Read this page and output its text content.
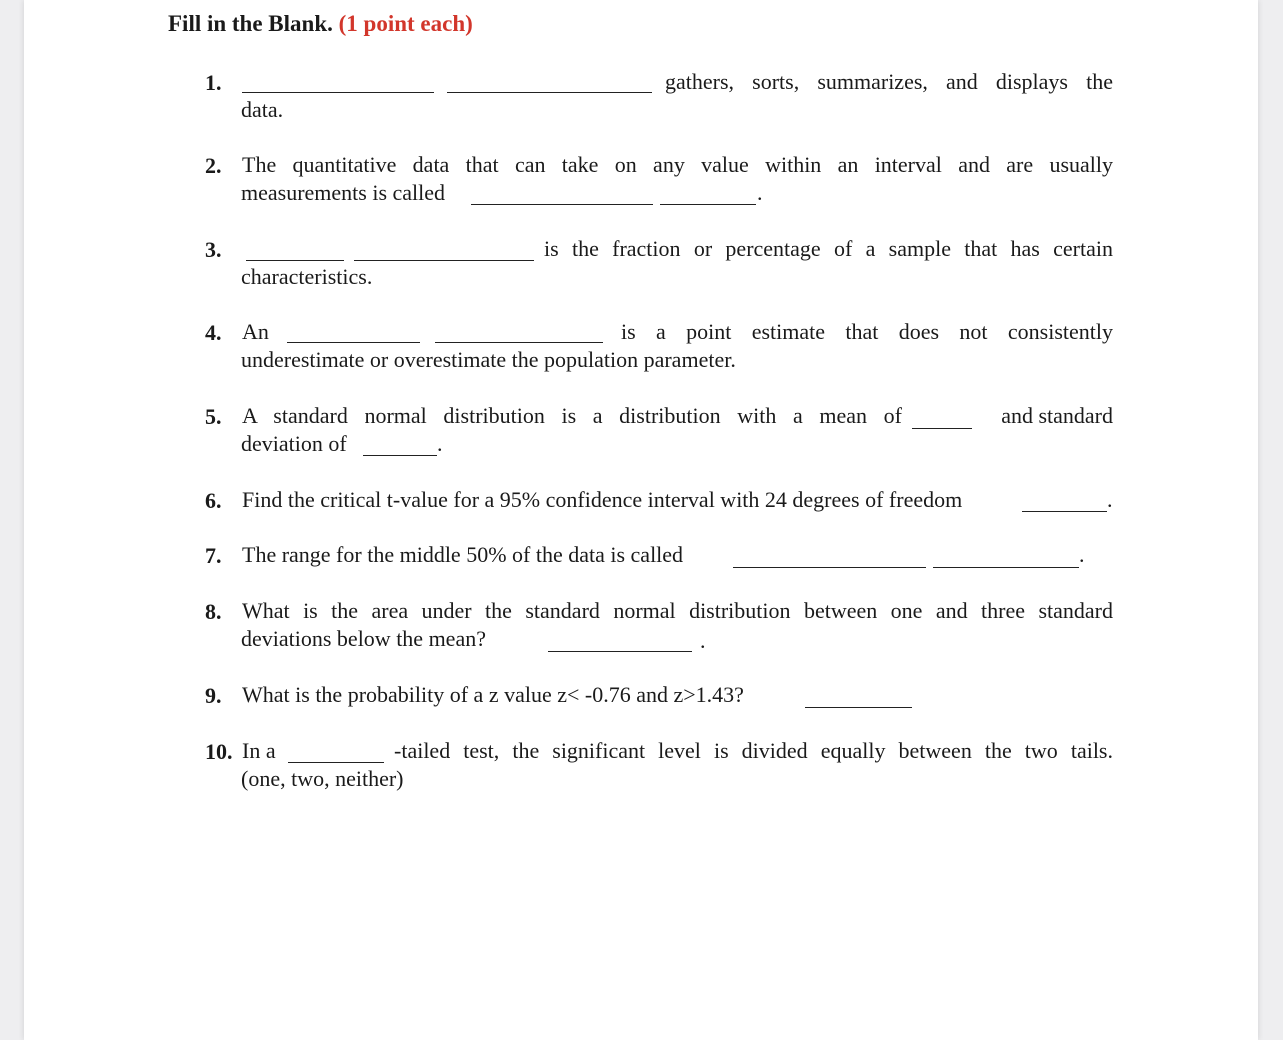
Fill in the Blank. (1 point each)
1.	gathers, sorts, summarizes, and displays the
data.
2. The quantitative data that can take on any value within an interval and are usually
measurements is called	.
3.	is the fraction or percentage of a sample that has certain
characteristics.
4. An	is a point estimate that does not consistently
underestimate or overestimate the population parameter.
5. A standard normal distribution is a distribution with a mean of	and standard
deviation of	.
6. Find the critical t-value for a 95% confidence interval with 24 degrees of freedom	.
7. The range for the middle 50% of the data is called	.
8. What is the area under the standard normal distribution between one and three standard
deviations below the mean?	.
9. What is the probability of a z value z< -0.76 and z>1.43?
10. In a	-tailed test, the significant level is divided equally between the two tails.
(one, two, neither)
